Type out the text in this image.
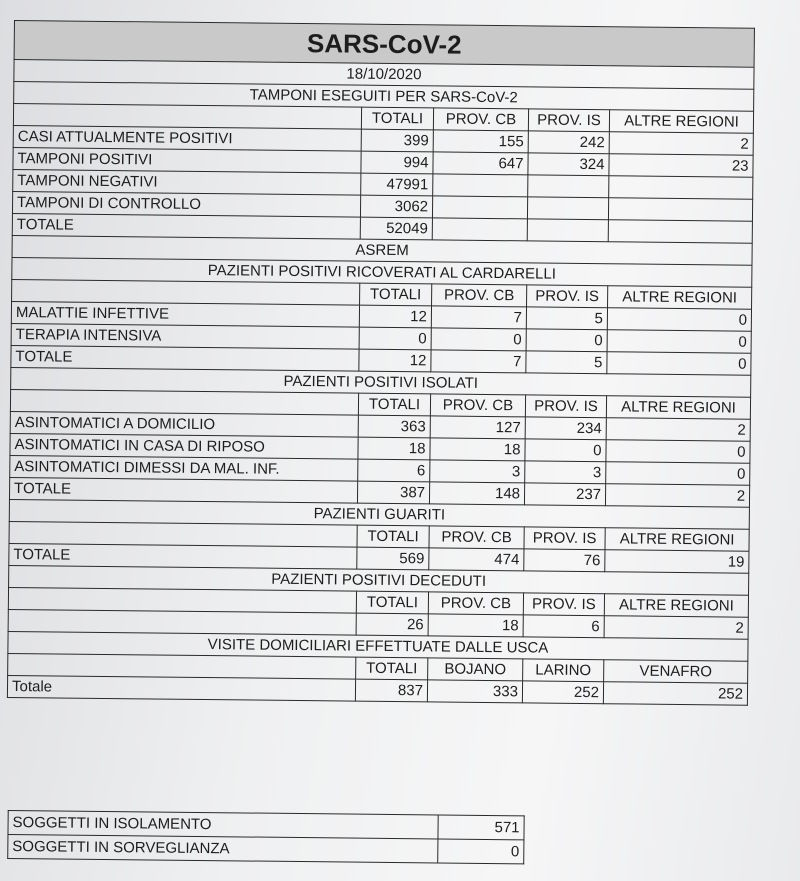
SARS-CoV-2				
18/10/2020				
TAMPONI ESEGUITI PER SARS-CoV-2				
	TOTALI	PROV. CB	PROV. IS	ALTRE REGIONI
CASI ATTUALMENTE POSITIVI	399	155	242	2
TAMPONI POSITIVI	994	647	324	23
TAMPONI NEGATIVI	47991			
TAMPONI DI CONTROLLO	3062			
TOTALE	52049			
ASREM				
PAZIENTI POSITIVI RICOVERATI AL CARDARELLI				
	TOTALI	PROV. CB	PROV. IS	ALTRE REGIONI
MALATTIE INFETTIVE	12	7	5	0
TERAPIA INTENSIVA	0	0	0	0
TOTALE	12	7	5	0
PAZIENTI POSITIVI ISOLATI				
	TOTALI	PROV. CB	PROV. IS	ALTRE REGIONI
ASINTOMATICI A DOMICILIO	363	127	234	2
ASINTOMATICI IN CASA DI RIPOSO	18	18	0	0
ASINTOMATICI DIMESSI DA MAL. INF.	6	3	3	0
TOTALE	387	148	237	2
PAZIENTI GUARITI				
	TOTALI	PROV. CB	PROV. IS	ALTRE REGIONI
TOTALE	569	474	76	19
PAZIENTI POSITIVI DECEDUTI				
	TOTALI	PROV. CB	PROV. IS	ALTRE REGIONI
	26	18	6	2
VISITE DOMICILIARI EFFETTUATE DALLE USCA				
	TOTALI	BOJANO	LARINO	VENAFRO
Totale	837	333	252	252
SOGGETTI IN ISOLAMENTO	571
SOGGETTI IN SORVEGLIANZA	0
